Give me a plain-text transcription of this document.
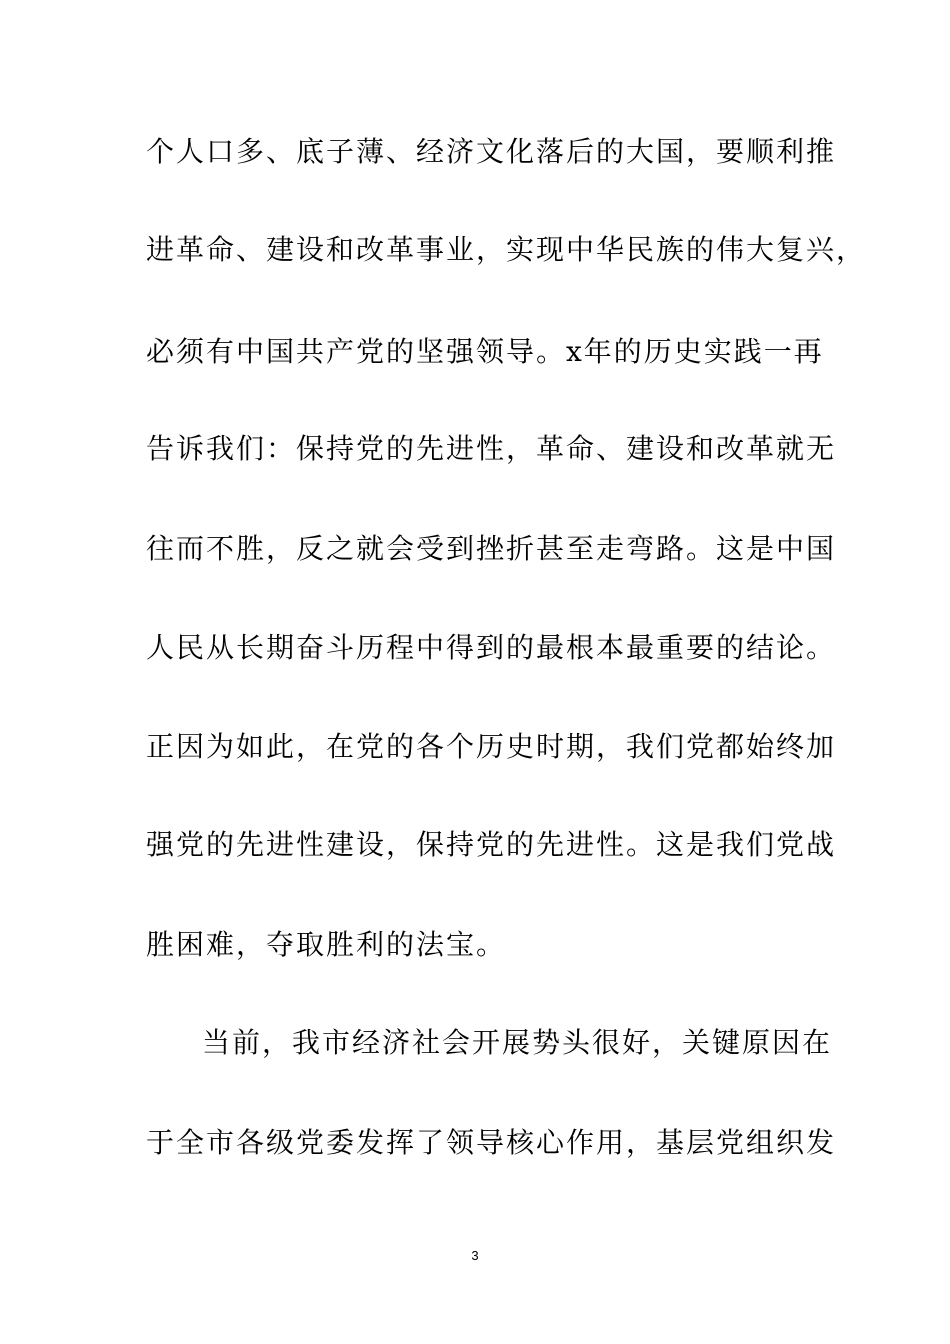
个人口多、底子薄、经济文化落后的大国，要顺利推
进革命、建设和改革事业，实现中华民族的伟大复兴，
必须有中国共产党的坚强领导。x年的历史实践一再
告诉我们：保持党的先进性，革命、建设和改革就无
往而不胜，反之就会受到挫折甚至走弯路。这是中国
人民从长期奋斗历程中得到的最根本最重要的结论。
正因为如此，在党的各个历史时期，我们党都始终加
强党的先进性建设，保持党的先进性。这是我们党战
胜困难，夺取胜利的法宝。
当前，我市经济社会开展势头很好，关键原因在
于全市各级党委发挥了领导核心作用，基层党组织发
3
